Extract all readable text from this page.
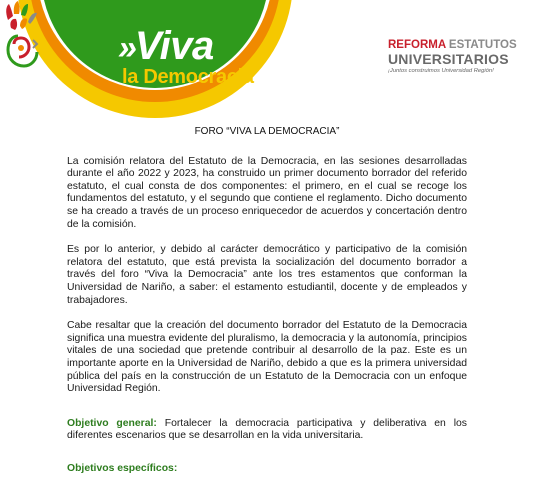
» Viva
la Democracia
REFORMA ESTATUTOS
UNIVERSITARIOS
¡Juntos construimos Universidad Región!
FORO “VIVA LA DEMOCRACIA”

La comisión relatora del Estatuto de la Democracia, en las sesiones desarrolladas durante el año 2022 y 2023, ha construido un primer documento borrador del referido estatuto, el cual consta de dos componentes: el primero, en el cual se recoge los fundamentos del estatuto, y el segundo que contiene el reglamento. Dicho documento se ha creado a través de un proceso enriquecedor de acuerdos y concertación dentro de la comisión.

Es por lo anterior, y debido al carácter democrático y participativo de la comisión relatora del estatuto, que está prevista la socialización del documento borrador a través del foro “Viva la Democracia” ante los tres estamentos que conforman la Universidad de Nariño, a saber: el estamento estudiantil, docente y de empleados y trabajadores.

Cabe resaltar que la creación del documento borrador del Estatuto de la Democracia significa una muestra evidente del pluralismo, la democracia y la autonomía, principios vitales de una sociedad que pretende contribuir al desarrollo de la paz. Este es un importante aporte en la Universidad de Nariño, debido a que es la primera universidad pública del país en la construcción de un Estatuto de la Democracia con un enfoque Universidad Región.

Objetivo general: Fortalecer la democracia participativa y deliberativa en los diferentes escenarios que se desarrollan en la vida universitaria.

Objetivos específicos:
